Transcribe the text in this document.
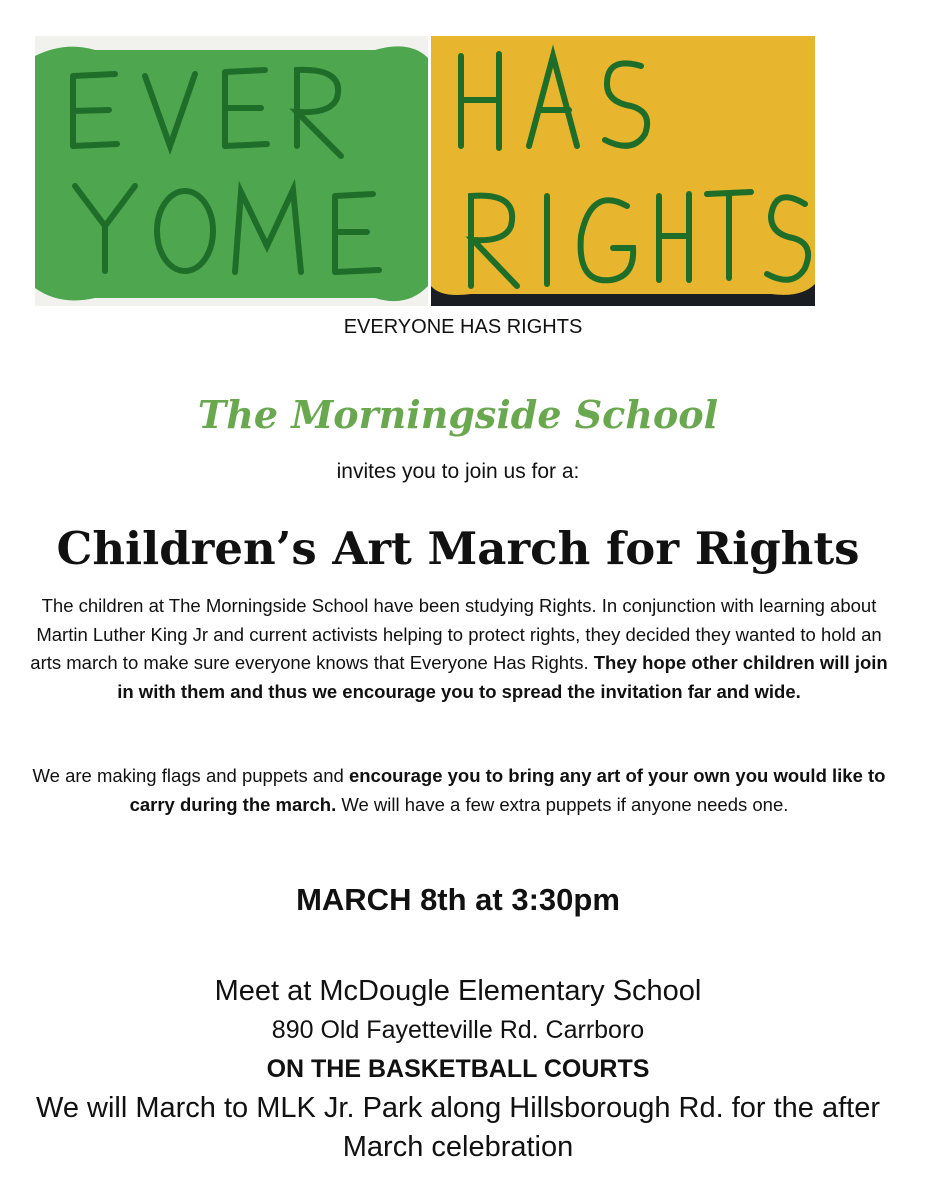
EVERYONE HAS RIGHTS
The Morningside School
invites you to join us for a:
Children’s Art March for Rights
The children at The Morningside School have been studying Rights. In conjunction with learning about Martin Luther King Jr and current activists helping to protect rights, they decided they wanted to hold an arts march to make sure everyone knows that Everyone Has Rights. They hope other children will join in with them and thus we encourage you to spread the invitation far and wide.
We are making flags and puppets and encourage you to bring any art of your own you would like to carry during the march. We will have a few extra puppets if anyone needs one.
MARCH 8th at 3:30pm
Meet at McDougle Elementary School
890 Old Fayetteville Rd. Carrboro
ON THE BASKETBALL COURTS
We will March to MLK Jr. Park along Hillsborough Rd. for the after March celebration
